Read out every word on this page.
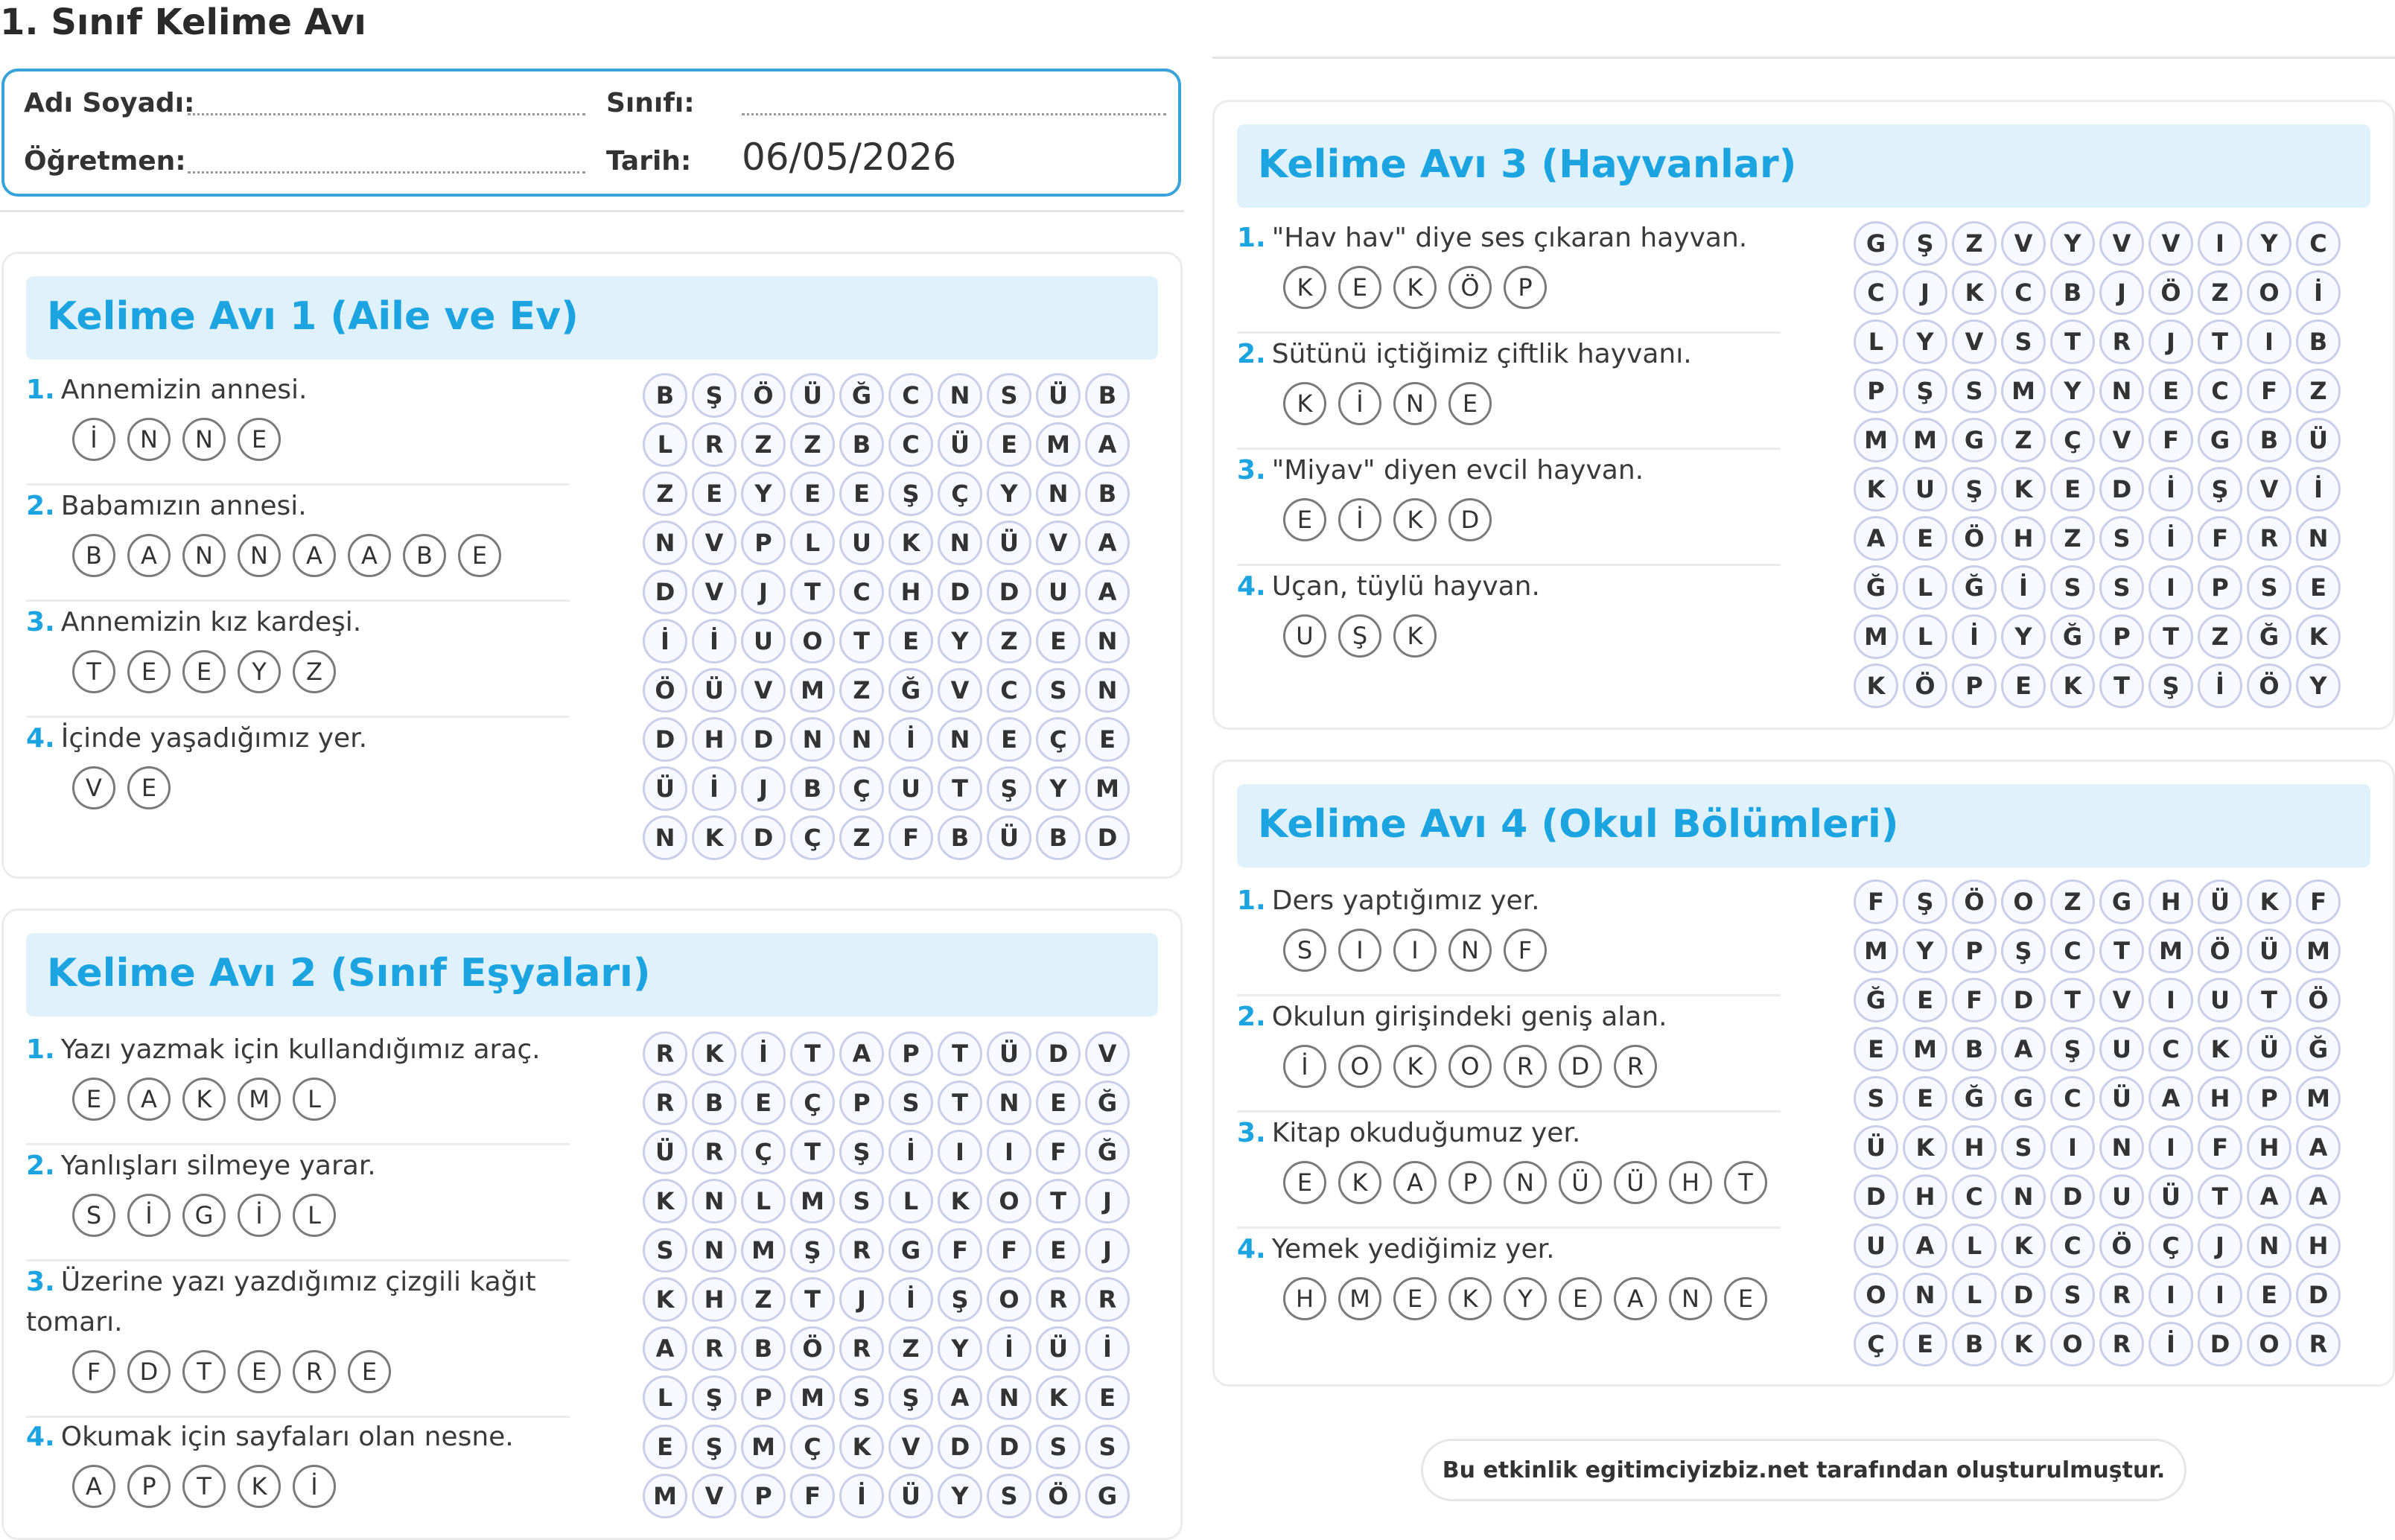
1. Sınıf Kelime Avı
Adı Soyadı:	Sınıfı:
Öğretmen:	Tarih: 06/05/2026
Kelime Avı 1 (Aile ve Ev)
1. Annemizin annesi.
İ	N	N	E
2. Babamızın annesi.
B	A	N	N	A	A	B	E
3. Annemizin kız kardeşi.
T	E	E	Y	Z
4. İçinde yaşadığımız yer.
V	E
B	Ş	Ö	Ü	Ğ	C	N	S	Ü	B
L	R	Z	Z	B	C	Ü	E	M	A
Z	E	Y	E	E	Ş	Ç	Y	N	B
N	V	P	L	U	K	N	Ü	V	A
D	V	J	T	C	H	D	D	U	A
İ	İ	U	O	T	E	Y	Z	E	N
Ö	Ü	V	M	Z	Ğ	V	C	S	N
D	H	D	N	N	İ	N	E	Ç	E
Ü	İ	J	B	Ç	U	T	Ş	Y	M
N	K	D	Ç	Z	F	B	Ü	B	D
Kelime Avı 2 (Sınıf Eşyaları)
1. Yazı yazmak için kullandığımız araç.
E	A	K	M	L
2. Yanlışları silmeye yarar.
S	İ	G	İ	L
3. Üzerine yazı yazdığımız çizgili kağıt tomarı.
F	D	T	E	R	E
4. Okumak için sayfaları olan nesne.
A	P	T	K	İ
R	K	İ	T	A	P	T	Ü	D	V
R	B	E	Ç	P	S	T	N	E	Ğ
Ü	R	Ç	T	Ş	İ	I	I	F	Ğ
K	N	L	M	S	L	K	O	T	J
S	N	M	Ş	R	G	F	F	E	J
K	H	Z	T	J	İ	Ş	O	R	R
A	R	B	Ö	R	Z	Y	İ	Ü	İ
L	Ş	P	M	S	Ş	A	N	K	E
E	Ş	M	Ç	K	V	D	D	S	S
M	V	P	F	İ	Ü	Y	S	Ö	G
Kelime Avı 3 (Hayvanlar)
1. "Hav hav" diye ses çıkaran hayvan.
K	E	K	Ö	P
2. Sütünü içtiğimiz çiftlik hayvanı.
K	İ	N	E
3. "Miyav" diyen evcil hayvan.
E	İ	K	D
4. Uçan, tüylü hayvan.
U	Ş	K
G	Ş	Z	V	Y	V	V	I	Y	C
C	J	K	C	B	J	Ö	Z	O	İ
L	Y	V	S	T	R	J	T	I	B
P	Ş	S	M	Y	N	E	C	F	Z
M	M	G	Z	Ç	V	F	G	B	Ü
K	U	Ş	K	E	D	İ	Ş	V	İ
A	E	Ö	H	Z	S	İ	F	R	N
Ğ	L	Ğ	İ	S	S	I	P	S	E
M	L	İ	Y	Ğ	P	T	Z	Ğ	K
K	Ö	P	E	K	T	Ş	İ	Ö	Y
Kelime Avı 4 (Okul Bölümleri)
1. Ders yaptığımız yer.
S	I	I	N	F
2. Okulun girişindeki geniş alan.
İ	O	K	O	R	D	R
3. Kitap okuduğumuz yer.
E	K	A	P	N	Ü	Ü	H	T
4. Yemek yediğimiz yer.
H	M	E	K	Y	E	A	N	E
F	Ş	Ö	O	Z	G	H	Ü	K	F
M	Y	P	Ş	C	T	M	Ö	Ü	M
Ğ	E	F	D	T	V	I	U	T	Ö
E	M	B	A	Ş	U	C	K	Ü	Ğ
S	E	Ğ	G	C	Ü	A	H	P	M
Ü	K	H	S	I	N	I	F	H	A
D	H	C	N	D	U	Ü	T	A	A
U	A	L	K	C	Ö	Ç	J	N	H
O	N	L	D	S	R	I	I	E	D
Ç	E	B	K	O	R	İ	D	O	R
Bu etkinlik egitimciyizbiz.net tarafından oluşturulmuştur.
